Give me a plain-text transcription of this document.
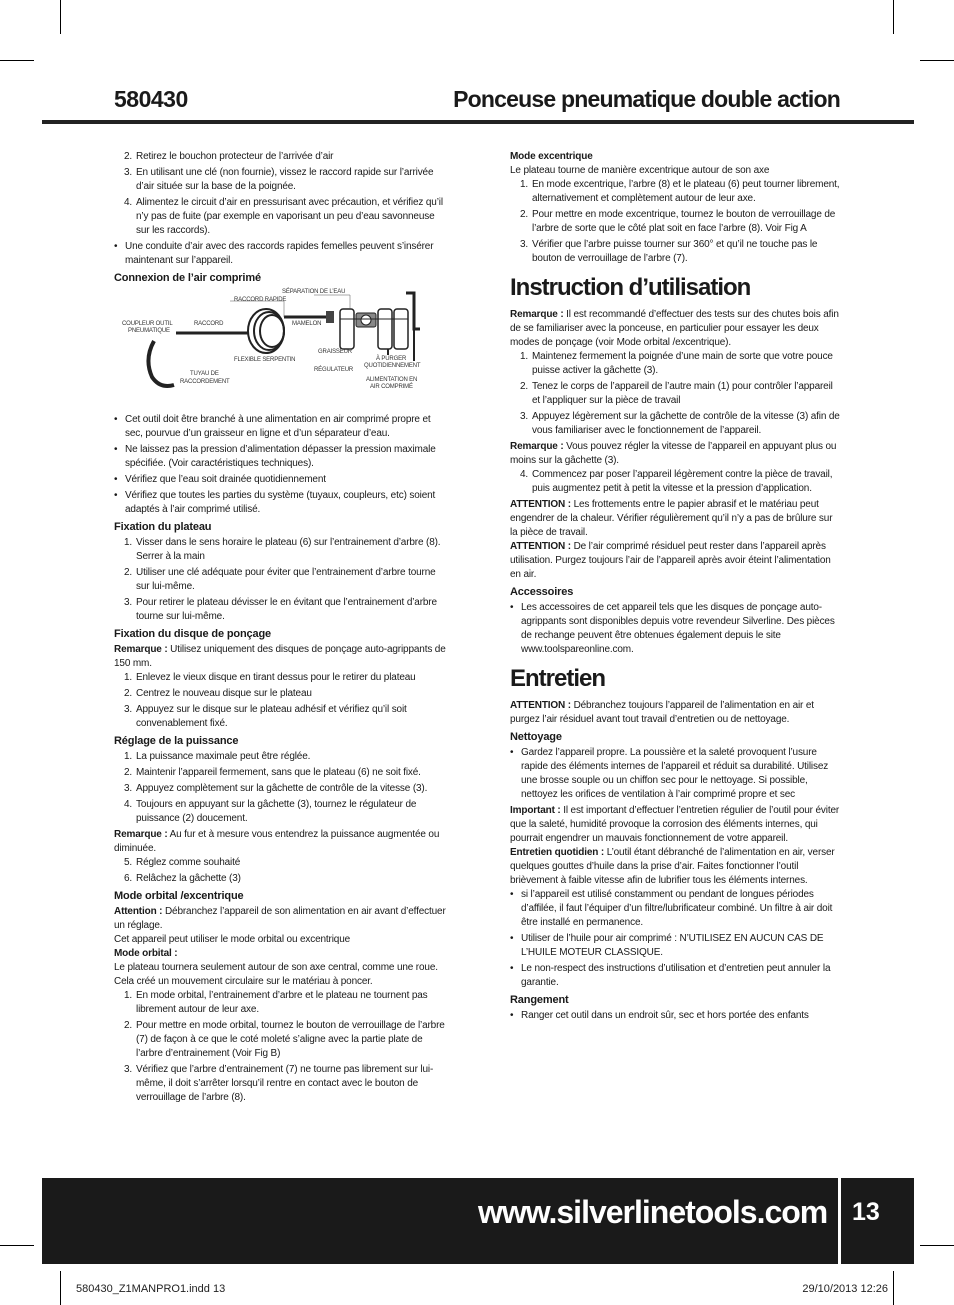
580430	Ponceuse pneumatique double action
2. Retirez le bouchon protecteur de l’arrivée d’air
3. En utilisant une clé (non fournie), vissez le raccord rapide sur l’arrivée d’air située sur la base de la poignée.
4. Alimentez le circuit d’air en pressurisant avec précaution, et vérifiez qu’il n’y pas de fuite (par exemple en vaporisant un peu d’eau savonneuse sur les raccords).
• Une conduite d’air avec des raccords rapides femelles peuvent s’insérer maintenant sur l’appareil.
Connexion de l’air comprimé
SÉPARATION DE L’EAU
RACCORD RAPIDE
COUPLEUR OUTIL
PNEUMATIQUE
RACCORD	MAMELON
GRAISSEUR
FLEXIBLE SERPENTIN	À PURGER
QUOTIDIENNEMENT
RÉGULATEUR
TUYAU DE
RACCORDEMENT	ALIMENTATION EN
AIR COMPRIMÉ
• Cet outil doit être branché à une alimentation en air comprimé propre et sec, pourvue d’un graisseur en ligne et d’un séparateur d’eau.
• Ne laissez pas la pression d’alimentation dépasser la pression maximale spécifiée. (Voir caractéristiques techniques).
• Vérifiez que l’eau soit drainée quotidiennement
• Vérifiez que toutes les parties du système (tuyaux, coupleurs, etc) soient adaptés à l’air comprimé utilisé.
Fixation du plateau
1. Visser dans le sens horaire le plateau (6) sur l’entrainement d’arbre (8). Serrer à la main
2. Utiliser une clé adéquate pour éviter que l’entrainement d’arbre tourne sur lui-même.
3. Pour retirer le plateau dévisser le en évitant que l’entrainement d’arbre tourne sur lui-même.
Fixation du disque de ponçage

Remarque : Utilisez uniquement des disques de ponçage auto-agrippants de 150 mm.

1. Enlevez le vieux disque en tirant dessus pour le retirer du plateau
2. Centrez le nouveau disque sur le plateau
3. Appuyez sur le disque sur le plateau adhésif et vérifiez qu’il soit convenablement fixé.
Réglage de la puissance
1. La puissance maximale peut être réglée.
2. Maintenir l’appareil fermement, sans que le plateau (6) ne soit fixé.
3. Appuyez complètement sur la gâchette de contrôle de la vitesse (3).
4. Toujours en appuyant sur la gâchette (3), tournez le régulateur de puissance (2) doucement.

Remarque : Au fur et à mesure vous entendrez la puissance augmentée ou diminuée.

5. Réglez comme souhaité
6. Relâchez la gâchette (3)
Mode orbital /excentrique

Attention : Débranchez l’appareil de son alimentation en air avant d’effectuer un réglage.

Cet appareil peut utiliser le mode orbital ou excentrique

Mode orbital :

Le plateau tournera seulement autour de son axe central, comme une roue. Cela créé un mouvement circulaire sur le matériau à poncer.

1. En mode orbital, l’entrainement d’arbre et le plateau ne tournent pas librement autour de leur axe.
2. Pour mettre en mode orbital, tournez le bouton de verrouillage de l’arbre (7) de façon à ce que le coté moleté s’aligne avec la partie plate de l’arbre d’entrainement (Voir Fig B)
3. Vérifiez que l’arbre d’entrainement (7) ne tourne pas librement sur lui-même, il doit s’arrêter lorsqu’il rentre en contact avec le bouton de verrouillage de l’arbre (8).

Mode excentrique

Le plateau tourne de manière excentrique autour de son axe

1. En mode excentrique, l’arbre (8) et le plateau (6) peut tourner librement, alternativement et complètement autour de leur axe.
2. Pour mettre en mode excentrique, tournez le bouton de verrouillage de l’arbre de sorte que le côté plat soit en face l’arbre (8). Voir Fig A
3. Vérifier que l’arbre puisse tourner sur 360° et qu’il ne touche pas le bouton de verrouillage de l’arbre (7).
Instruction d’utilisation

Remarque : Il est recommandé d’effectuer des tests sur des chutes bois afin de se familiariser avec la ponceuse, en particulier pour essayer les deux modes de ponçage (voir Mode orbital /excentrique).

1. Maintenez fermement la poignée d’une main de sorte que votre pouce puisse activer la gâchette (3).
2. Tenez le corps de l’appareil de l’autre main (1) pour contrôler l’appareil et l’appliquer sur la pièce de travail
3. Appuyez légèrement sur la gâchette de contrôle de la vitesse (3) afin de vous familiariser avec le fonctionnement de l’appareil.

Remarque : Vous pouvez régler la vitesse de l’appareil en appuyant plus ou moins sur la gâchette (3).

4. Commencez par poser l’appareil légèrement contre la pièce de travail, puis augmentez petit à petit la vitesse et la pression d’application.

ATTENTION : Les frottements entre le papier abrasif et le matériau peut engendrer de la chaleur. Vérifier régulièrement qu’il n’y a pas de brûlure sur la pièce de travail.

ATTENTION : De l’air comprimé résiduel peut rester dans l’appareil après utilisation. Purgez toujours l’air de l’appareil après avoir éteint l’alimentation en air.

Accessoires
• Les accessoires de cet appareil tels que les disques de ponçage auto-agrippants sont disponibles depuis votre revendeur Silverline. Des pièces de rechange peuvent être obtenues également depuis le site www.toolspareonline.com.
Entretien

ATTENTION : Débranchez toujours l’appareil de l’alimentation en air et purgez l’air résiduel avant tout travail d’entretien ou de nettoyage.

Nettoyage
• Gardez l’appareil propre. La poussière et la saleté provoquent l’usure rapide des éléments internes de l’appareil et réduit sa durabilité. Utilisez une brosse souple ou un chiffon sec pour le nettoyage. Si possible, nettoyez les orifices de ventilation à l’air comprimé propre et sec

Important : Il est important d’effectuer l’entretien régulier de l’outil pour éviter que la saleté, humidité provoque la corrosion des éléments internes, qui pourrait engendrer un mauvais fonctionnement de votre appareil.

Entretien quotidien : L’outil étant débranché de l’alimentation en air, verser quelques gouttes d’huile dans la prise d’air. Faites fonctionner l’outil brièvement à faible vitesse afin de lubrifier tous les éléments internes.

• si l’appareil est utilisé constamment ou pendant de longues périodes d’affilée, il faut l’équiper d’un filtre/lubrificateur combiné. Un filtre à air doit être installé en permanence.
• Utiliser de l’huile pour air comprimé : N’UTILISEZ EN AUCUN CAS DE L’HUILE MOTEUR CLASSIQUE.
• Le non-respect des instructions d’utilisation et d’entretien peut annuler la garantie.
Rangement
• Ranger cet outil dans un endroit sûr, sec et hors portée des enfants
www.silverlinetools.com 13
580430_Z1MANPRO1.indd 13	29/10/2013 12:26
